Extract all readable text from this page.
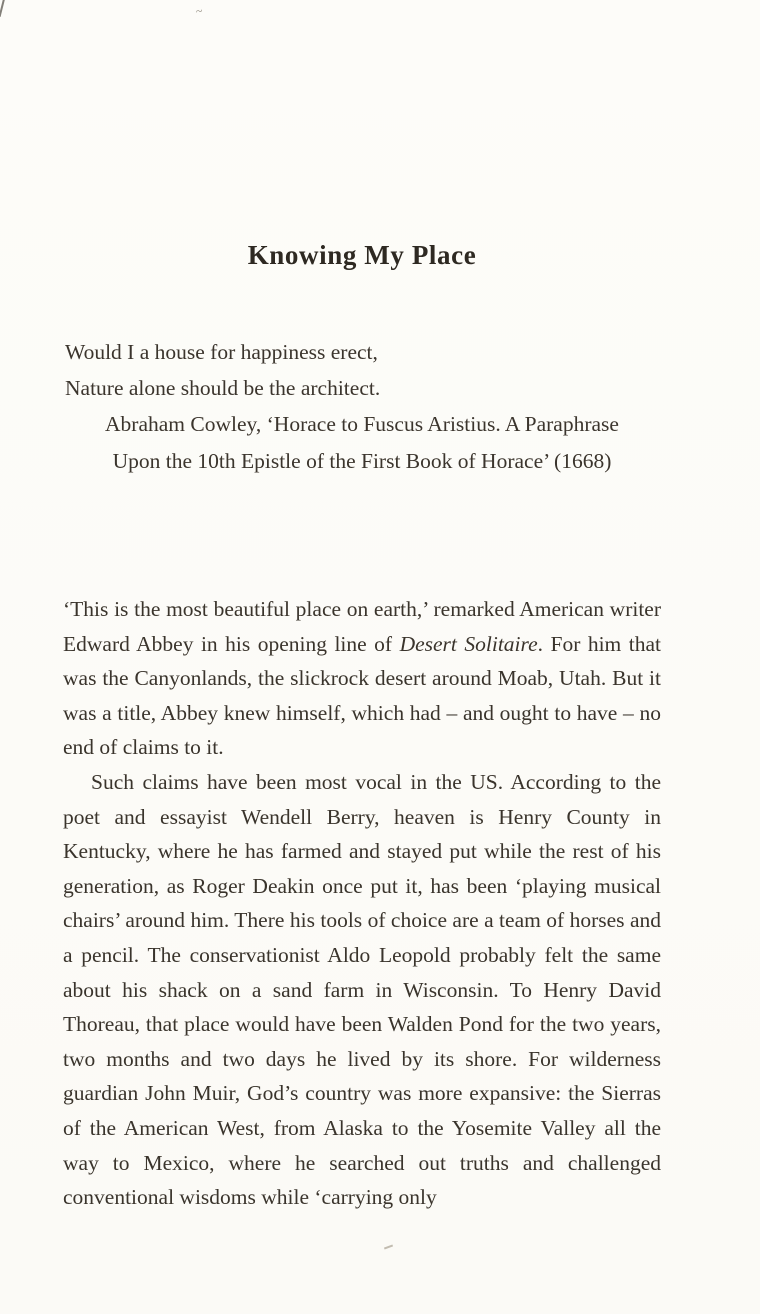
~
Knowing My Place
Would I a house for happiness erect,
Nature alone should be the architect.
Abraham Cowley, ‘Horace to Fuscus Aristius. A Paraphrase
Upon the 10th Epistle of the First Book of Horace’ (1668)

‘This is the most beautiful place on earth,’ remarked American writer Edward Abbey in his opening line of Desert Solitaire. For him that was the Canyonlands, the slickrock desert around Moab, Utah. But it was a title, Abbey knew himself, which had – and ought to have – no end of claims to it.

Such claims have been most vocal in the US. According to the poet and essayist Wendell Berry, heaven is Henry County in Kentucky, where he has farmed and stayed put while the rest of his generation, as Roger Deakin once put it, has been ‘playing musical chairs’ around him. There his tools of choice are a team of horses and a pencil. The conservationist Aldo Leopold probably felt the same about his shack on a sand farm in Wisconsin. To Henry David Thoreau, that place would have been Walden Pond for the two years, two months and two days he lived by its shore. For wilderness guardian John Muir, God’s country was more expansive: the Sierras of the American West, from Alaska to the Yosemite Valley all the way to Mexico, where he searched out truths and challenged conventional wisdoms while ‘carrying only
